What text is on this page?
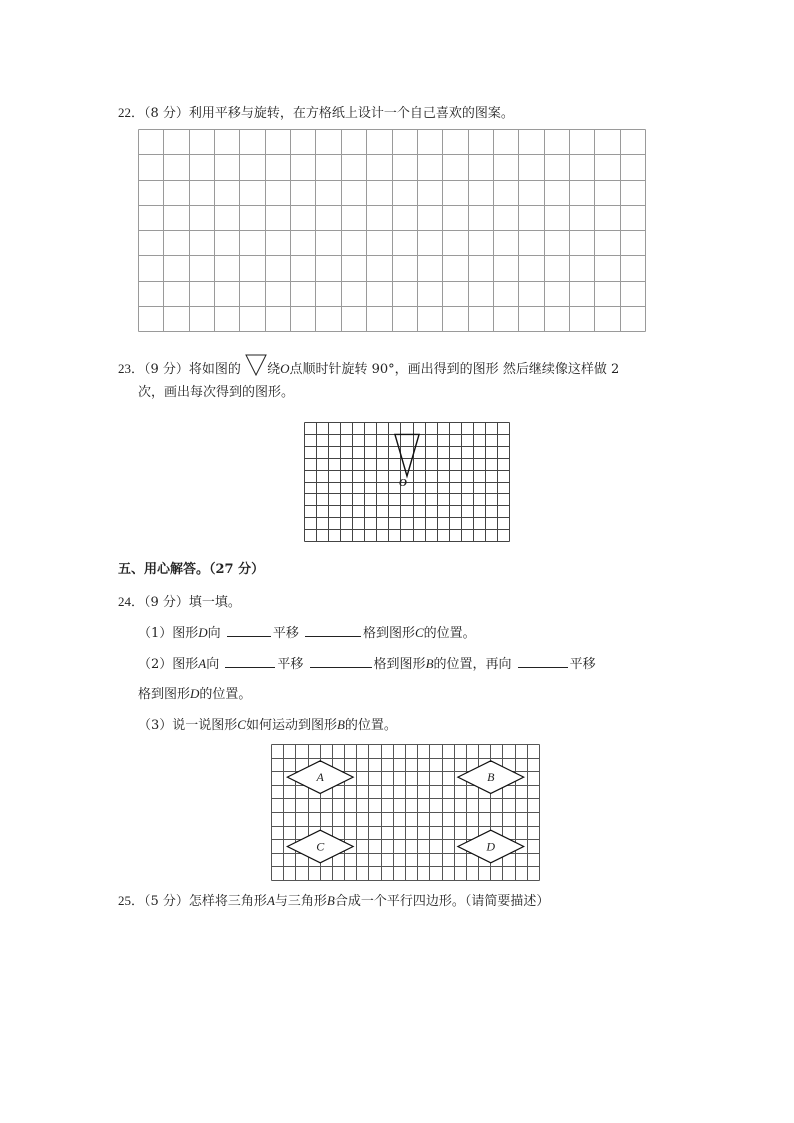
22．（8 分）利用平移与旋转，在方格纸上设计一个自己喜欢的图案。
23．（9 分）将如图的 绕O点顺时针旋转 90°，画出得到的图形 然后继续像这样做 2
次，画出每次得到的图形。
O
五、用心解答。（27 分）
24．（9 分）填一填。
（1）图形D向	平移	格到图形C的位置。
（2）图形A向	平移	格到图形B的位置，再向	平移
格到图形D的位置。
（3）说一说图形C如何运动到图形B的位置。
A	B
C	D
25．（5 分）怎样将三角形A与三角形B合成一个平行四边形。（请简要描述）
